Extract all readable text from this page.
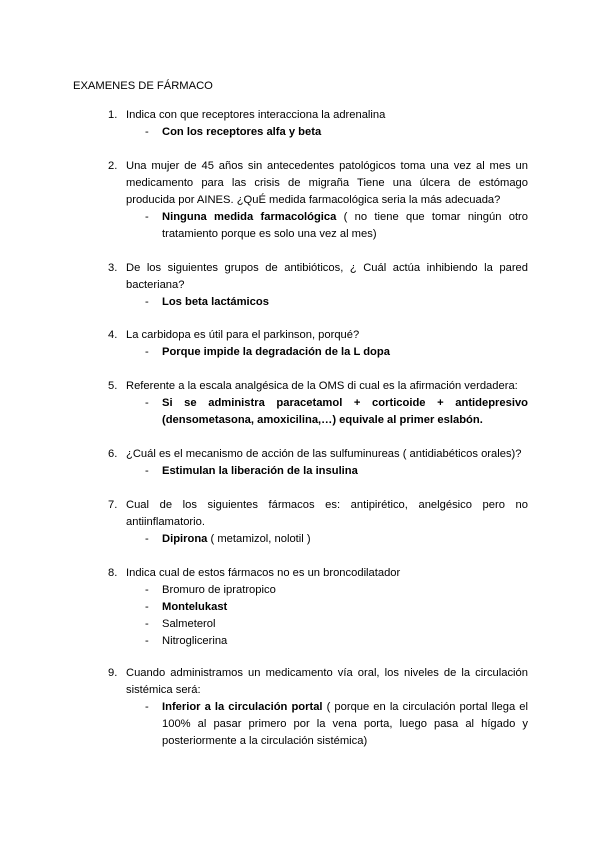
EXAMENES DE FÁRMACO
1. Indica con que receptores interacciona la adrenalina
- Con los receptores alfa y beta
2. Una mujer de 45 años sin antecedentes patológicos toma una vez al mes un medicamento para las crisis de migraña Tiene una úlcera de estómago producida por AINES. ¿QuÉ medida farmacológica seria la más adecuada?
- Ninguna medida farmacológica ( no tiene que tomar ningún otro tratamiento porque es solo una vez al mes)
3. De los siguientes grupos de antibióticos, ¿ Cuál actúa inhibiendo la pared bacteriana?
- Los beta lactámicos
4. La carbidopa es útil para el parkinson, porqué?
- Porque impide la degradación de la L dopa
5. Referente a la escala analgésica de la OMS di cual es la afirmación verdadera:
- Si se administra paracetamol + corticoide + antidepresivo (densometasona, amoxicilina,…) equivale al primer eslabón.
6. ¿Cuál es el mecanismo de acción de las sulfuminureas ( antidiabéticos orales)?
- Estimulan la liberación de la insulina
7. Cual de los siguientes fármacos es: antipirético, anelgésico pero no antiinflamatorio.
- Dipirona ( metamizol, nolotil )
8. Indica cual de estos fármacos no es un broncodilatador
- Bromuro de ipratropico
- Montelukast
- Salmeterol
- Nitroglicerina
9. Cuando administramos un medicamento vía oral, los niveles de la circulación sistémica será:
- Inferior a la circulación portal ( porque en la circulación portal llega el 100% al pasar primero por la vena porta, luego pasa al hígado y posteriormente a la circulación sistémica)
